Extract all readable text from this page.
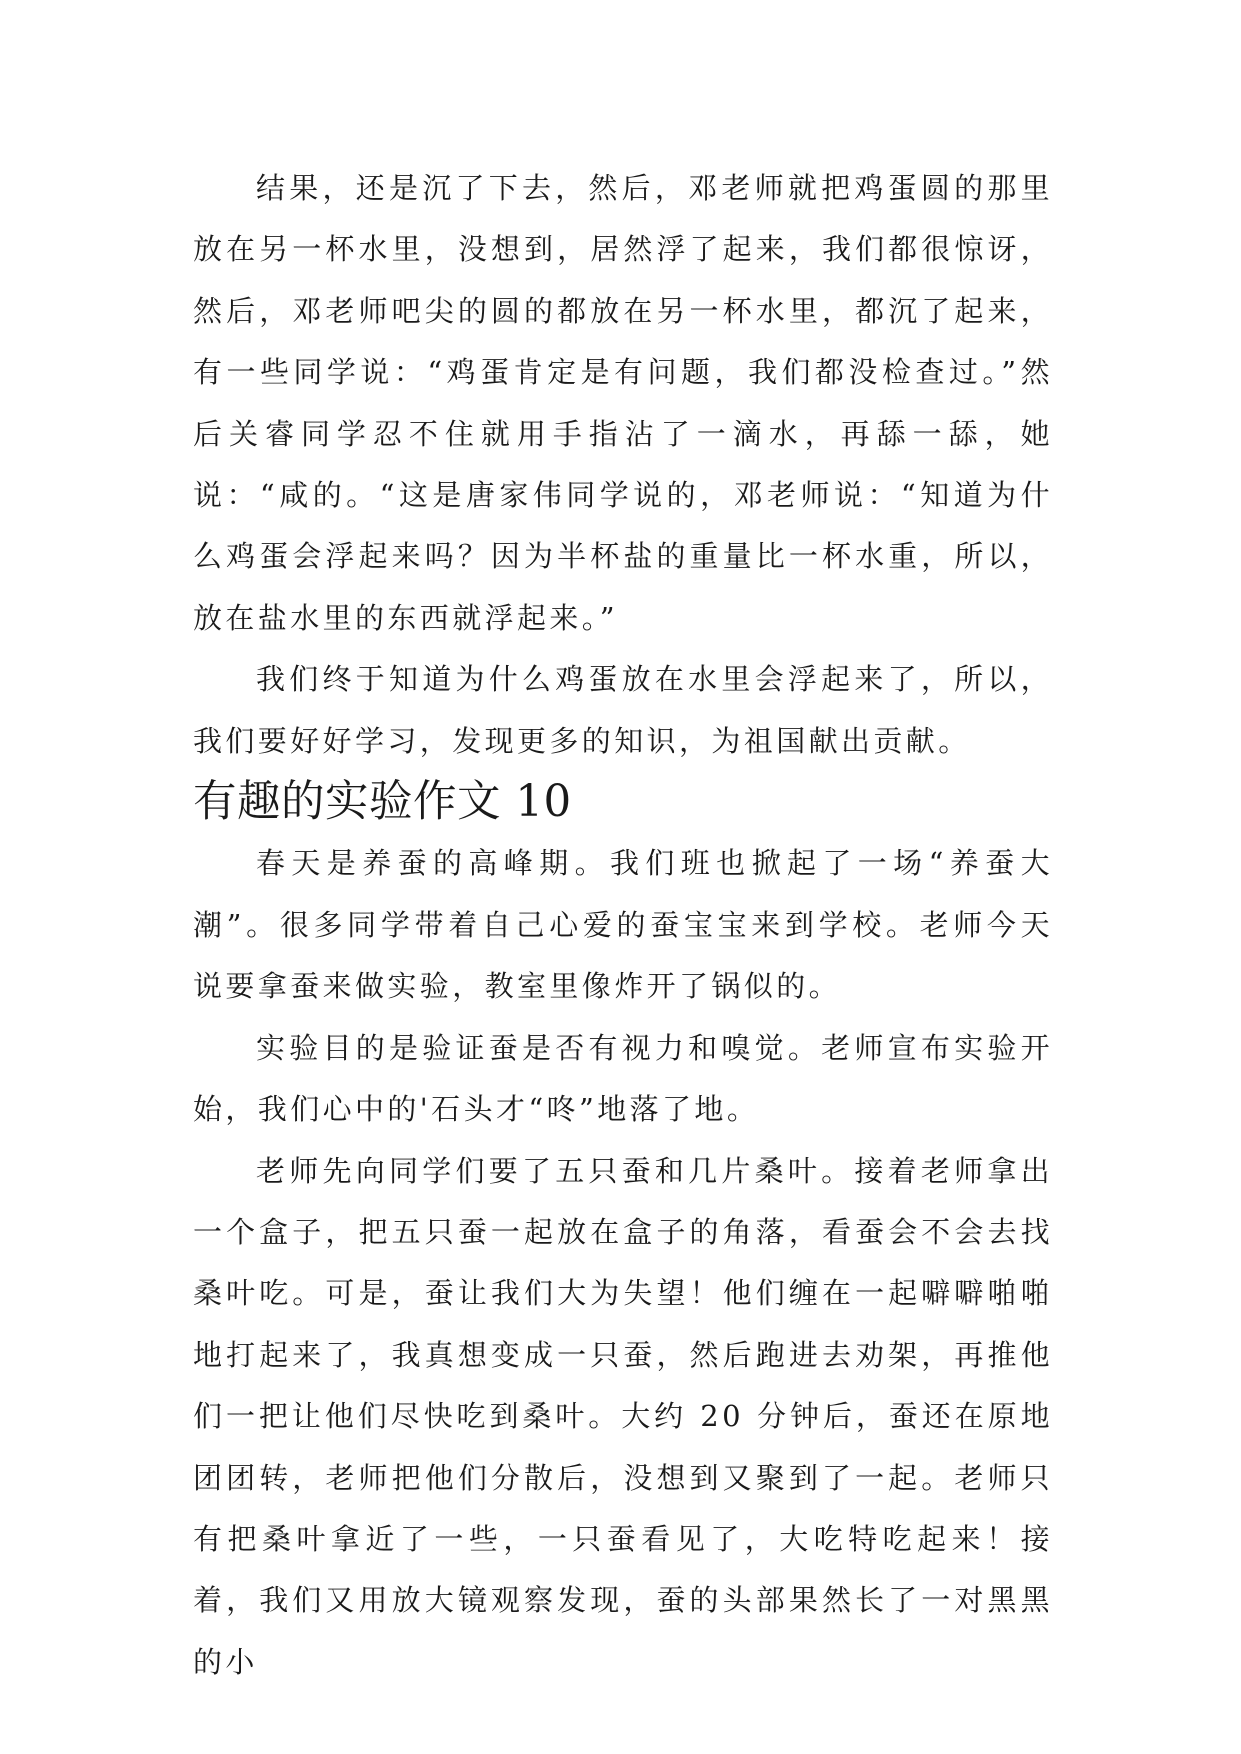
结果，还是沉了下去，然后，邓老师就把鸡蛋圆的那里放在另一杯水里，没想到，居然浮了起来，我们都很惊讶，然后，邓老师吧尖的圆的都放在另一杯水里，都沉了起来，有一些同学说：“鸡蛋肯定是有问题，我们都没检查过。”然后关睿同学忍不住就用手指沾了一滴水，再舔一舔，她说：“咸的。“这是唐家伟同学说的，邓老师说：“知道为什么鸡蛋会浮起来吗？因为半杯盐的重量比一杯水重，所以，放在盐水里的东西就浮起来。”

我们终于知道为什么鸡蛋放在水里会浮起来了，所以，我们要好好学习，发现更多的知识，为祖国献出贡献。

有趣的实验作文 10

春天是养蚕的高峰期。我们班也掀起了一场“养蚕大潮”。很多同学带着自己心爱的蚕宝宝来到学校。老师今天说要拿蚕来做实验，教室里像炸开了锅似的。

实验目的是验证蚕是否有视力和嗅觉。老师宣布实验开始，我们心中的'石头才“咚”地落了地。

老师先向同学们要了五只蚕和几片桑叶。接着老师拿出一个盒子，把五只蚕一起放在盒子的角落，看蚕会不会去找桑叶吃。可是，蚕让我们大为失望！他们缠在一起噼噼啪啪地打起来了，我真想变成一只蚕，然后跑进去劝架，再推他们一把让他们尽快吃到桑叶。大约 20 分钟后，蚕还在原地团团转，老师把他们分散后，没想到又聚到了一起。老师只有把桑叶拿近了一些，一只蚕看见了，大吃特吃起来！接着，我们又用放大镜观察发现，蚕的头部果然长了一对黑黑的小
